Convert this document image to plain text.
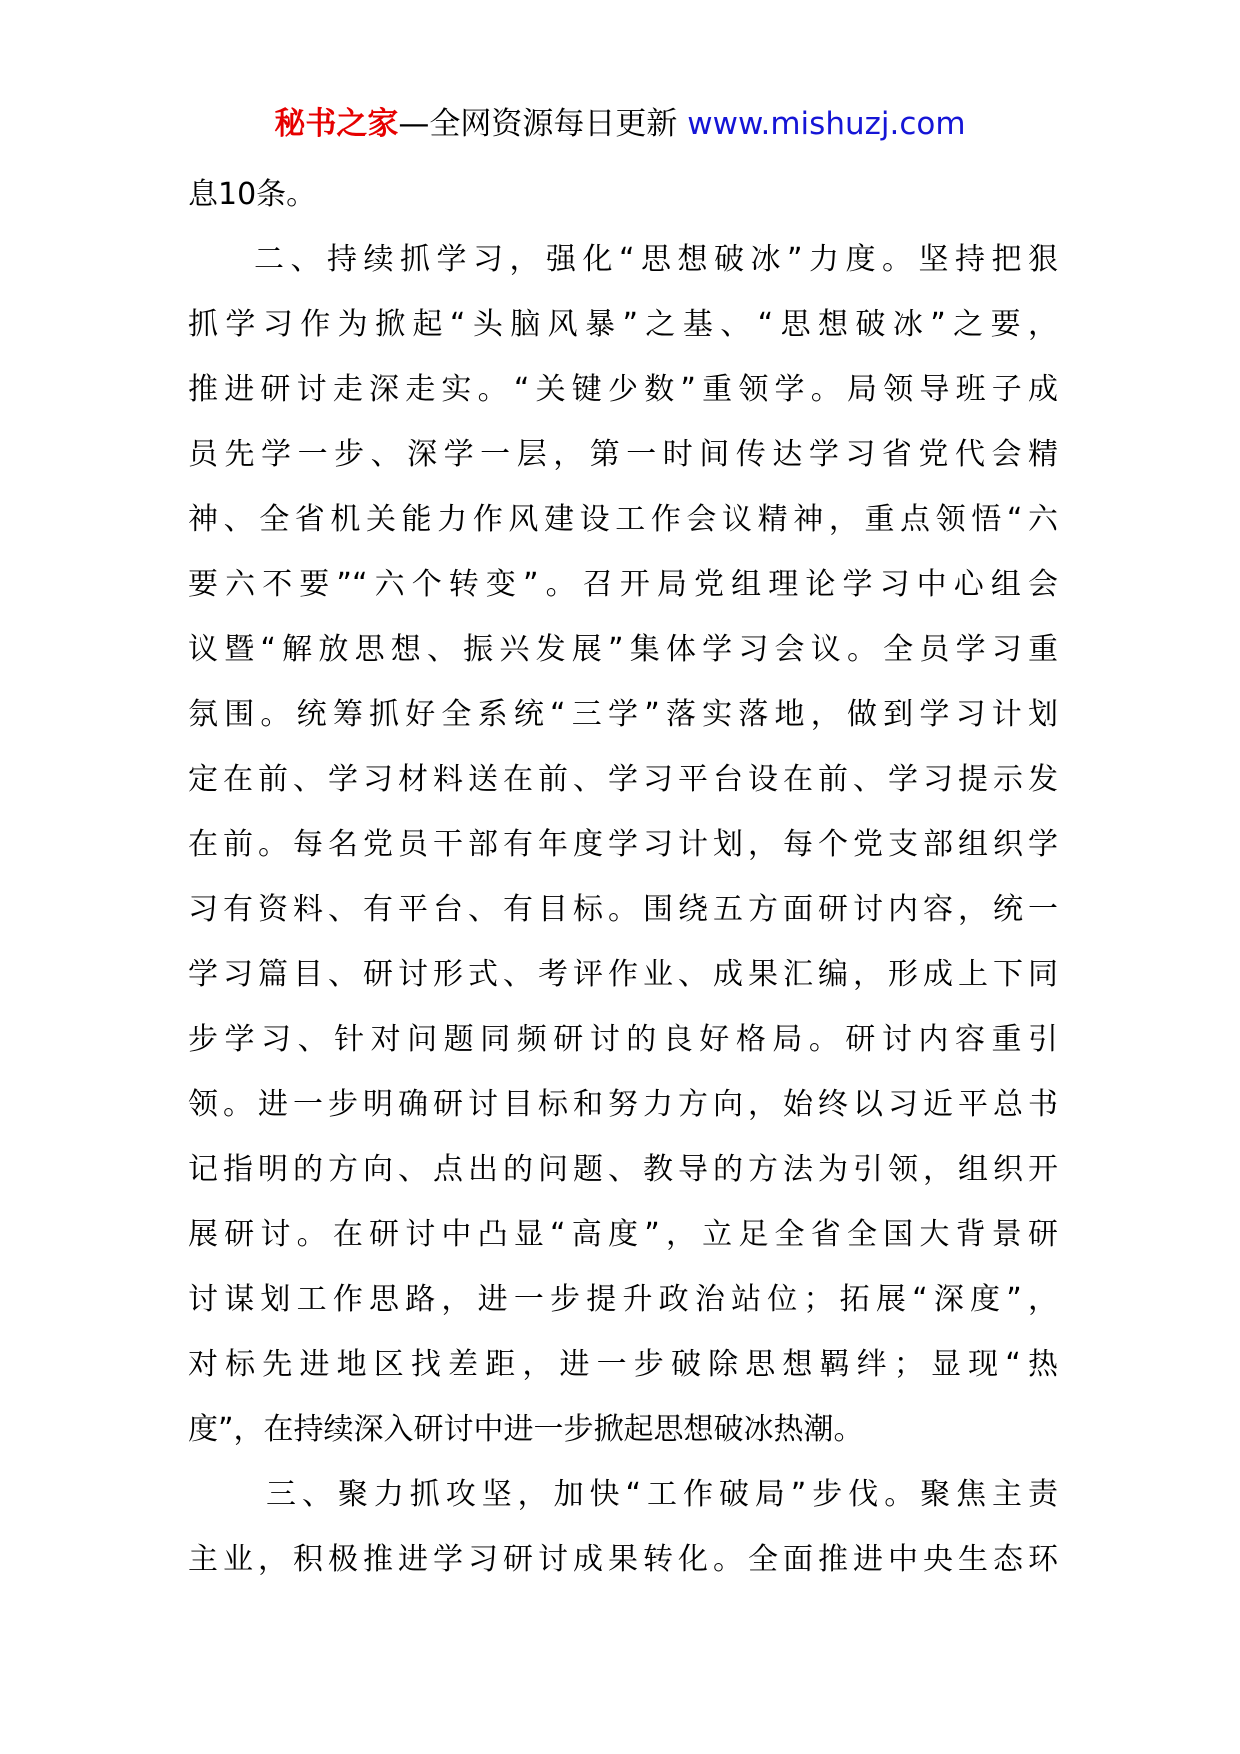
秘书之家—全网资源每日更新 www.mishuzj.com
息10条。
二、持续抓学习，强化“思想破冰”力度。坚持把狠
抓学习作为掀起“头脑风暴”之基、“思想破冰”之要，
推进研讨走深走实。“关键少数”重领学。局领导班子成
员先学一步、深学一层，第一时间传达学习省党代会精
神、全省机关能力作风建设工作会议精神，重点领悟“六
要六不要”“六个转变”。召开局党组理论学习中心组会
议暨“解放思想、振兴发展”集体学习会议。全员学习重
氛围。统筹抓好全系统“三学”落实落地，做到学习计划
定在前、学习材料送在前、学习平台设在前、学习提示发
在前。每名党员干部有年度学习计划，每个党支部组织学
习有资料、有平台、有目标。围绕五方面研讨内容，统一
学习篇目、研讨形式、考评作业、成果汇编，形成上下同
步学习、针对问题同频研讨的良好格局。研讨内容重引
领。进一步明确研讨目标和努力方向，始终以习近平总书
记指明的方向、点出的问题、教导的方法为引领，组织开
展研讨。在研讨中凸显“高度”，立足全省全国大背景研
讨谋划工作思路，进一步提升政治站位；拓展“深度”，
对标先进地区找差距，进一步破除思想羁绊；显现“热
度”，在持续深入研讨中进一步掀起思想破冰热潮。
三、聚力抓攻坚，加快“工作破局”步伐。聚焦主责
主业，积极推进学习研讨成果转化。全面推进中央生态环
